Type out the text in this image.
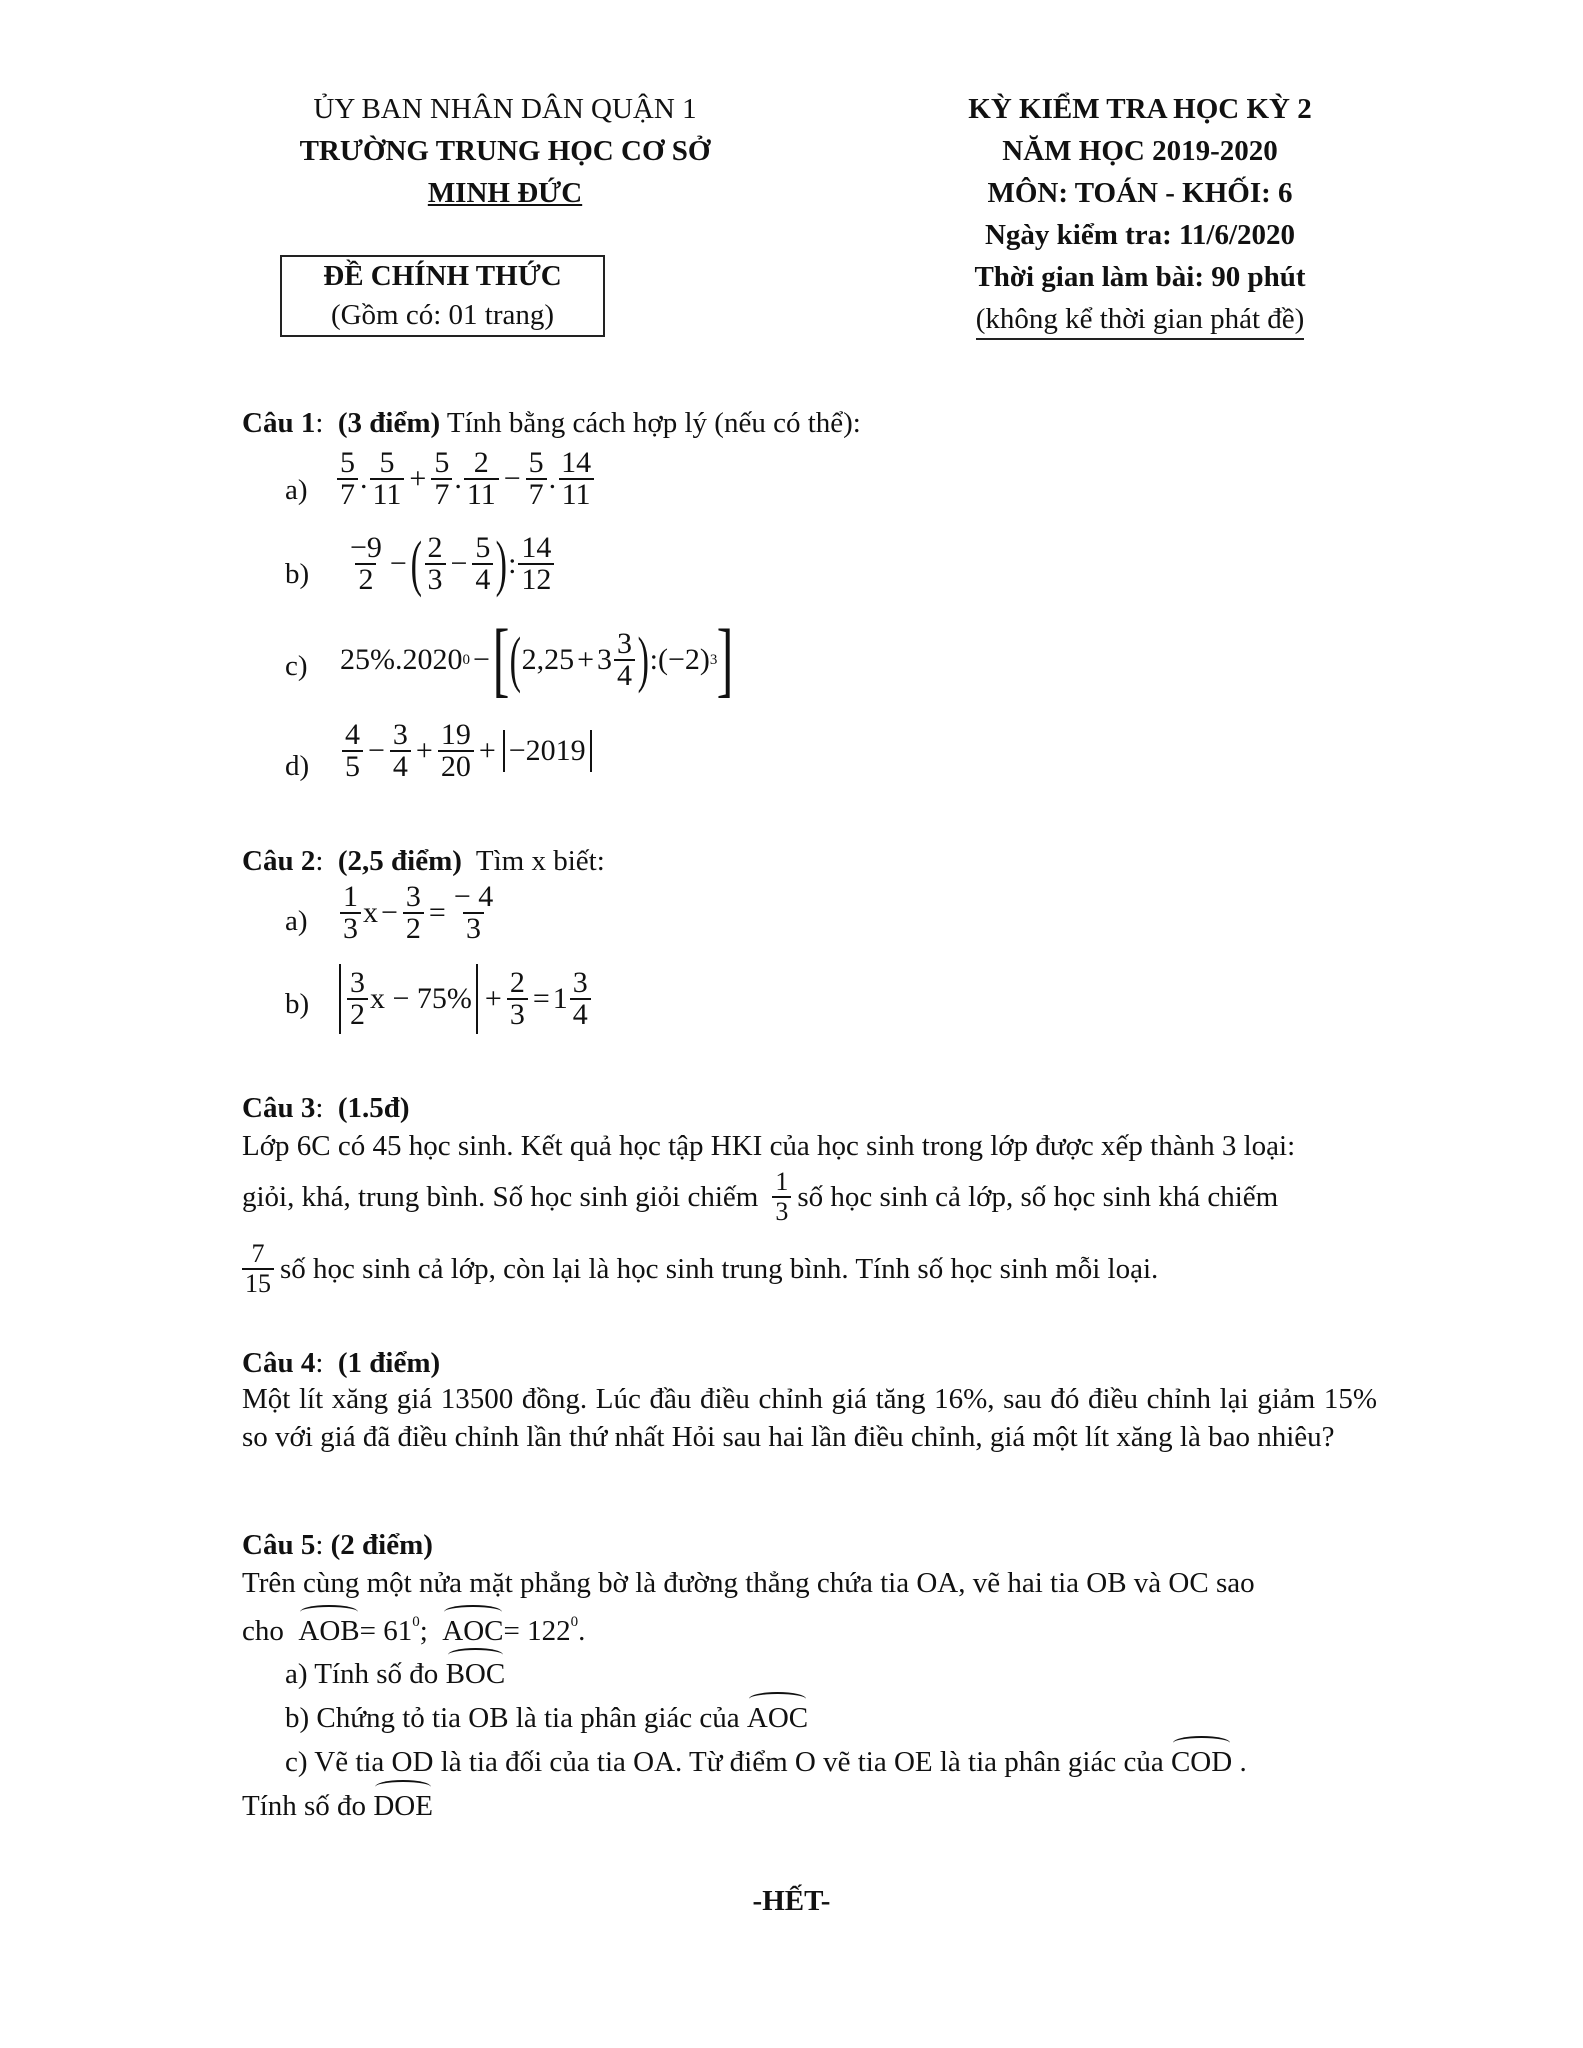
ỦY BAN NHÂN DÂN QUẬN 1
TRƯỜNG TRUNG HỌC CƠ SỞ
MINH ĐỨC
ĐỀ CHÍNH THỨC
(Gồm có: 01 trang)
KỲ KIỂM TRA HỌC KỲ 2
NĂM HỌC 2019-2020
MÔN: TOÁN - KHỐI: 6
Ngày kiểm tra: 11/6/2020
Thời gian làm bài: 90 phút
(không kể thời gian phát đề)
Câu 1:  (3 điểm) Tính bằng cách hợp lý (nếu có thể):
$a) \frac{5}{7}$ . $\frac{5}{11} + \frac{5}{7}$ . $\frac{2}{11} - \frac{5}{7}$ . $\frac{14}{11}$
$b) \frac{-9}{2}$ − ( $\frac{2}{3} - \frac{5}{4}$ ) : $\frac{14}{12}$
c) 25%.2020 0 − [ ( $2,25 + 3 \frac{3}{4}$ ) : (−2) 3 ]
$d) \frac{4}{5} - \frac{3}{4} + \frac{19}{20} + -2019$
Câu 2:  (2,5 điểm) Tìm x biết:
$a) \frac{1}{3}$ $x - \frac{3}{2} = \frac{- 4}{3}$
$b) \frac{3}{2}$ $x - 75\% + \frac{2}{3} = 1 \frac{3}{4}$
Câu 3:  (1.5đ)
Lớp 6C có 45 học sinh. Kết quả học tập HKI của học sinh trong lớp được xếp thành 3 loại:
giỏi, khá, trung bình. Số học sinh giỏi chiếm $\frac{1}{3}$ số học sinh cả lớp, số học sinh khá chiếm
$\frac{7}{15}$ số học sinh cả lớp, còn lại là học sinh trung bình. Tính số học sinh mỗi loại.
Câu 4:  (1 điểm)
Một lít xăng giá 13500 đồng. Lúc đầu điều chỉnh giá tăng 16%, sau đó điều chỉnh lại giảm 15% so với giá đã điều chỉnh lần thứ nhất Hỏi sau hai lần điều chỉnh, giá một lít xăng là bao nhiêu?
Câu 5: (2 điểm)
Trên cùng một nửa mặt phẳng bờ là đường thẳng chứa tia OA, vẽ hai tia OB và OC sao
cho $AOB= 61^0$;  $AOC= 122^0$.
a) Tính số đo BOC
b) Chứng tỏ tia OB là tia phân giác của AOC
c) Vẽ tia OD là tia đối của tia OA. Từ điểm O vẽ tia OE là tia phân giác của COD .
Tính số đo DOE
-HẾT-
